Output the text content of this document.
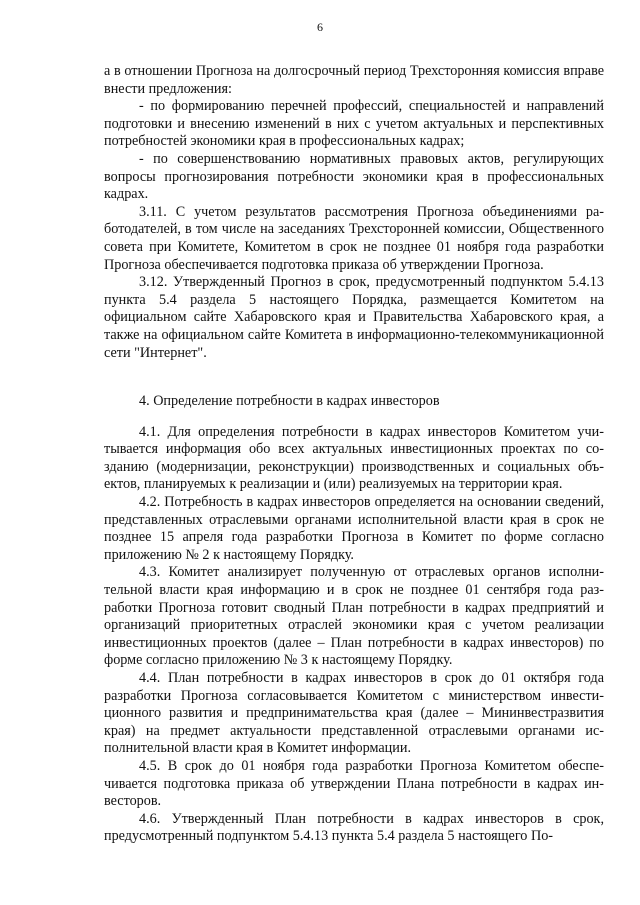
6

а в отношении Прогноза на долгосрочный период Трехсторонняя комиссия вправе внести предложения:

- по формированию перечней профессий, специальностей и направлений подготовки и внесению изменений в них с учетом актуальных и перспективных потребностей экономики края в профессиональных кадрах;

- по совершенствованию нормативных правовых актов, регулирующих вопросы прогнозирования потребности экономики края в профессиональных кадрах.

3.11. С учетом результатов рассмотрения Прогноза объединениями работодателей, в том числе на заседаниях Трехсторонней комиссии, Общественного совета при Комитете, Комитетом в срок не позднее 01 ноября года разработки Прогноза обеспечивается подготовка приказа об утверждении Прогноза.

3.12. Утвержденный Прогноз в срок, предусмотренный подпунктом 5.4.13 пункта 5.4 раздела 5 настоящего Порядка, размещается Комитетом на официальном сайте Хабаровского края и Правительства Хабаровского края, а также на официальном сайте Комитета в информационно-телекоммуникационной сети "Интернет".

4. Определение потребности в кадрах инвесторов

4.1. Для определения потребности в кадрах инвесторов Комитетом учитывается информация обо всех актуальных инвестиционных проектах по созданию (модернизации, реконструкции) производственных и социальных объектов, планируемых к реализации и (или) реализуемых на территории края.

4.2. Потребность в кадрах инвесторов определяется на основании сведений, представленных отраслевыми органами исполнительной власти края в срок не позднее 15 апреля года разработки Прогноза в Комитет по форме согласно приложению № 2 к настоящему Порядку.

4.3. Комитет анализирует полученную от отраслевых органов исполнительной власти края информацию и в срок не позднее 01 сентября года разработки Прогноза готовит сводный План потребности в кадрах предприятий и организаций приоритетных отраслей экономики края с учетом реализации инвестиционных проектов (далее – План потребности в кадрах инвесторов) по форме согласно приложению № 3 к настоящему Порядку.

4.4. План потребности в кадрах инвесторов в срок до 01 октября года разработки Прогноза согласовывается Комитетом с министерством инвестиционного развития и предпринимательства края (далее – Мининвестразвития края) на предмет актуальности представленной отраслевыми органами исполнительной власти края в Комитет информации.

4.5. В срок до 01 ноября года разработки Прогноза Комитетом обеспечивается подготовка приказа об утверждении Плана потребности в кадрах инвесторов.

4.6. Утвержденный План потребности в кадрах инвесторов в срок, предусмотренный подпунктом 5.4.13 пункта 5.4 раздела 5 настоящего По-
